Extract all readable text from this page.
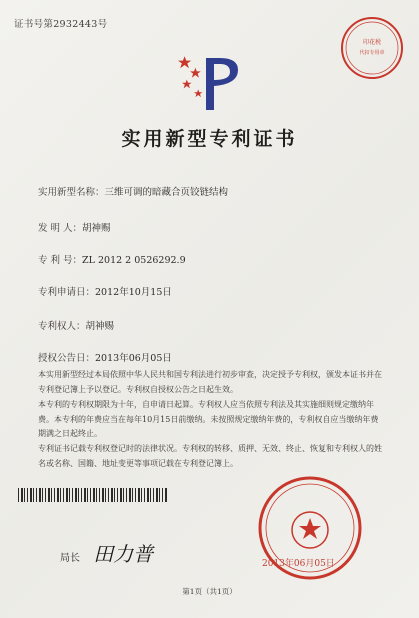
证书号第2932443号
印花税
代扣专用章
实用新型专利证书
实用新型名称：三维可调的暗藏合页铰链结构
发 明 人：胡神赐
专 利 号：ZL 2012 2 0526292.9
专利申请日：2012年10月15日
专利权人：胡神赐
授权公告日：2013年06月05日
本实用新型经过本局依照中华人民共和国专利法进行初步审查，决定授予专利权，颁发本证书并在专利登记簿上予以登记。专利权自授权公告之日起生效。
本专利的专利权期限为十年，自申请日起算。专利权人应当依照专利法及其实施细则规定缴纳年费。本专利的年费应当在每年10月15日前缴纳。未按照规定缴纳年费的，专利权自应当缴纳年费期满之日起终止。
专利证书记载专利权登记时的法律状况。专利权的转移、质押、无效、终止、恢复和专利权人的姓名或名称、国籍、地址变更等事项记载在专利登记簿上。
局长 田力普	2013年06月05日
第1页（共1页）
